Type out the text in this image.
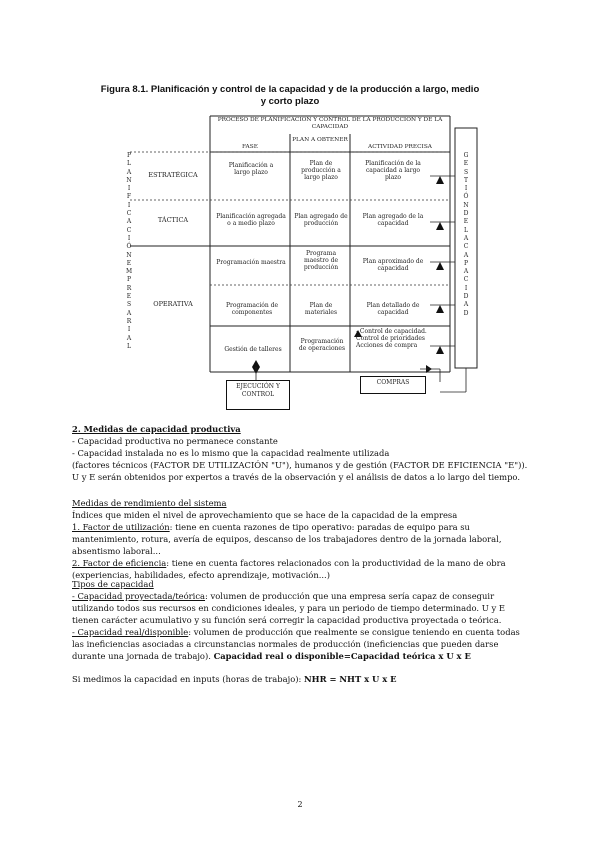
Figura 8.1. Planificación y control de la capacidad y de la producción a largo, medio y corto plazo
PROCESO DE PLANIFICACIÓN Y CONTROL DE LA PRODUCCIÓN Y DE LA CAPACIDAD
FASE
PLAN A OBTENER
ACTIVIDAD PRECISA
PLANIFICACIÓN EMPRESARIAL
GESTIÓN DE LA CAPACIDAD
ESTRATÉGICA
TÁCTICA
OPERATIVA
Planificación a largo plazo
Plan de producción a largo plazo
Planificación de la capacidad a largo plazo
Planificación agregada o a medio plazo
Plan agregado de producción
Plan agregado de la capacidad
Programación maestra
Programa maestro de producción
Plan aproximado de capacidad
Programación de componentes
Plan de materiales
Plan detallado de capacidad
Gestión de talleres
Programación de operaciones
- Control de capacidad. Control de prioridades Acciones de compra
EJECUCIÓN Y CONTROL
COMPRAS

2. Medidas de capacidad productiva

- Capacidad productiva no permanece constante

- Capacidad instalada no es lo mismo que la capacidad realmente utilizada

(factores técnicos (FACTOR DE UTILIZACIÓN "U"), humanos y de gestión (FACTOR DE EFICIENCIA "E")).

U y E serán obtenidos por expertos a través de la observación y el análisis de datos a lo largo del tiempo.

Medidas de rendimiento del sistema

Índices que miden el nivel de aprovechamiento que se hace de la capacidad de la empresa

1. Factor de utilización: tiene en cuenta razones de tipo operativo: paradas de equipo para su mantenimiento, rotura, avería de equipos, descanso de los trabajadores dentro de la jornada laboral, absentismo laboral...

2. Factor de eficiencia: tiene en cuenta factores relacionados con la productividad de la mano de obra (experiencias, habilidades, efecto aprendizaje, motivación...)

Tipos de capacidad

- Capacidad proyectada/teórica: volumen de producción que una empresa sería capaz de conseguir utilizando todos sus recursos en condiciones ideales, y para un periodo de tiempo determinado. U y E tienen carácter acumulativo y su función será corregir la capacidad productiva proyectada o teórica.

- Capacidad real/disponible: volumen de producción que realmente se consigue teniendo en cuenta todas las ineficiencias asociadas a circunstancias normales de producción (ineficiencias que pueden darse durante una jornada de trabajo). Capacidad real o disponible=Capacidad teórica x U x E

Si medimos la capacidad en inputs (horas de trabajo): NHR = NHT x U x E

2
